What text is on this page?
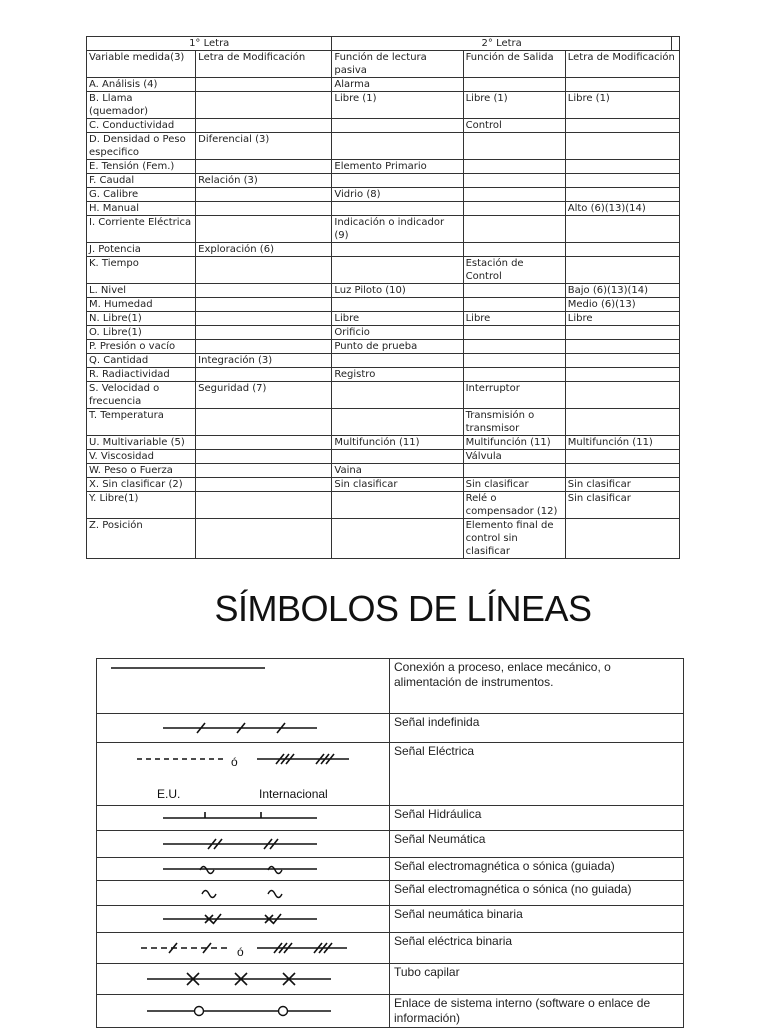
1° Letra		2° Letra			
Variable medida(3)	Letra de Modificación	Función de lectura pasiva	Función de Salida	Letra de Modificación	
A. Análisis (4)		Alarma			
B. Llama (quemador)		Libre (1)	Libre (1)	Libre (1)	
C. Conductividad			Control		
D. Densidad o Peso especifico	Diferencial (3)				
E. Tensión (Fem.)		Elemento Primario			
F. Caudal	Relación (3)				
G. Calibre		Vidrio (8)			
H. Manual				Alto (6)(13)(14)	
I. Corriente Eléctrica		Indicación o indicador (9)			
J. Potencia	Exploración (6)				
K. Tiempo			Estación de Control		
L. Nivel		Luz Piloto (10)		Bajo (6)(13)(14)	
M. Humedad				Medio (6)(13)	
N. Libre(1)		Libre	Libre	Libre	
O. Libre(1)		Orificio			
P. Presión o vacío		Punto de prueba			
Q. Cantidad	Integración (3)				
R. Radiactividad		Registro			
S. Velocidad o frecuencia	Seguridad (7)		Interruptor		
T. Temperatura			Transmisión o transmisor		
U. Multivariable (5)		Multifunción (11)	Multifunción (11)	Multifunción (11)	
V. Viscosidad			Válvula		
W. Peso o Fuerza		Vaina			
X. Sin clasificar (2)		Sin clasificar	Sin clasificar	Sin clasificar	
Y. Libre(1)			Relé o compensador (12)	Sin clasificar	
Z. Posición			Elemento final de control sin clasificar		
SÍMBOLOS DE LÍNEAS
	Conexión a proceso, enlace mecánico, o alimentación de instrumentos.

	Señal indefinida

ó
E.U. Internacional	Señal Eléctrica

	Señal Hidráulica

	Señal Neumática

	Señal electromagnética o sónica (guiada)

	Señal electromagnética o sónica (no guiada)

	Señal neumática binaria

ó	Señal eléctrica binaria

	Tubo capilar

	Enlace de sistema interno (software o enlace de información)
